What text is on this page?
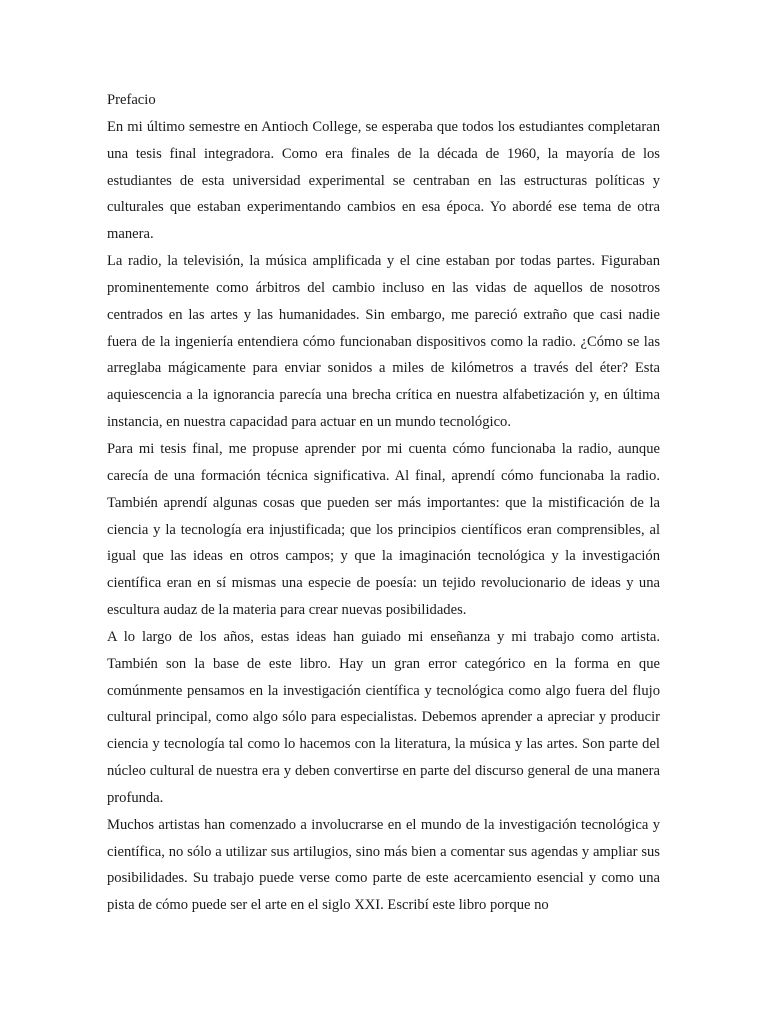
Prefacio

En mi último semestre en Antioch College, se esperaba que todos los estudiantes completaran una tesis final integradora. Como era finales de la década de 1960, la mayoría de los estudiantes de esta universidad experimental se centraban en las estructuras políticas y culturales que estaban experimentando cambios en esa época. Yo abordé ese tema de otra manera.

La radio, la televisión, la música amplificada y el cine estaban por todas partes. Figuraban prominentemente como árbitros del cambio incluso en las vidas de aquellos de nosotros centrados en las artes y las humanidades. Sin embargo, me pareció extraño que casi nadie fuera de la ingeniería entendiera cómo funcionaban dispositivos como la radio. ¿Cómo se las arreglaba mágicamente para enviar sonidos a miles de kilómetros a través del éter? Esta aquiescencia a la ignorancia parecía una brecha crítica en nuestra alfabetización y, en última instancia, en nuestra capacidad para actuar en un mundo tecnológico.

Para mi tesis final, me propuse aprender por mi cuenta cómo funcionaba la radio, aunque carecía de una formación técnica significativa. Al final, aprendí cómo funcionaba la radio. También aprendí algunas cosas que pueden ser más importantes: que la mistificación de la ciencia y la tecnología era injustificada; que los principios científicos eran comprensibles, al igual que las ideas en otros campos; y que la imaginación tecnológica y la investigación científica eran en sí mismas una especie de poesía: un tejido revolucionario de ideas y una escultura audaz de la materia para crear nuevas posibilidades.

A lo largo de los años, estas ideas han guiado mi enseñanza y mi trabajo como artista. También son la base de este libro. Hay un gran error categórico en la forma en que comúnmente pensamos en la investigación científica y tecnológica como algo fuera del flujo cultural principal, como algo sólo para especialistas. Debemos aprender a apreciar y producir ciencia y tecnología tal como lo hacemos con la literatura, la música y las artes. Son parte del núcleo cultural de nuestra era y deben convertirse en parte del discurso general de una manera profunda.

Muchos artistas han comenzado a involucrarse en el mundo de la investigación tecnológica y científica, no sólo a utilizar sus artilugios, sino más bien a comentar sus agendas y ampliar sus posibilidades. Su trabajo puede verse como parte de este acercamiento esencial y como una pista de cómo puede ser el arte en el siglo XXI. Escribí este libro porque no
